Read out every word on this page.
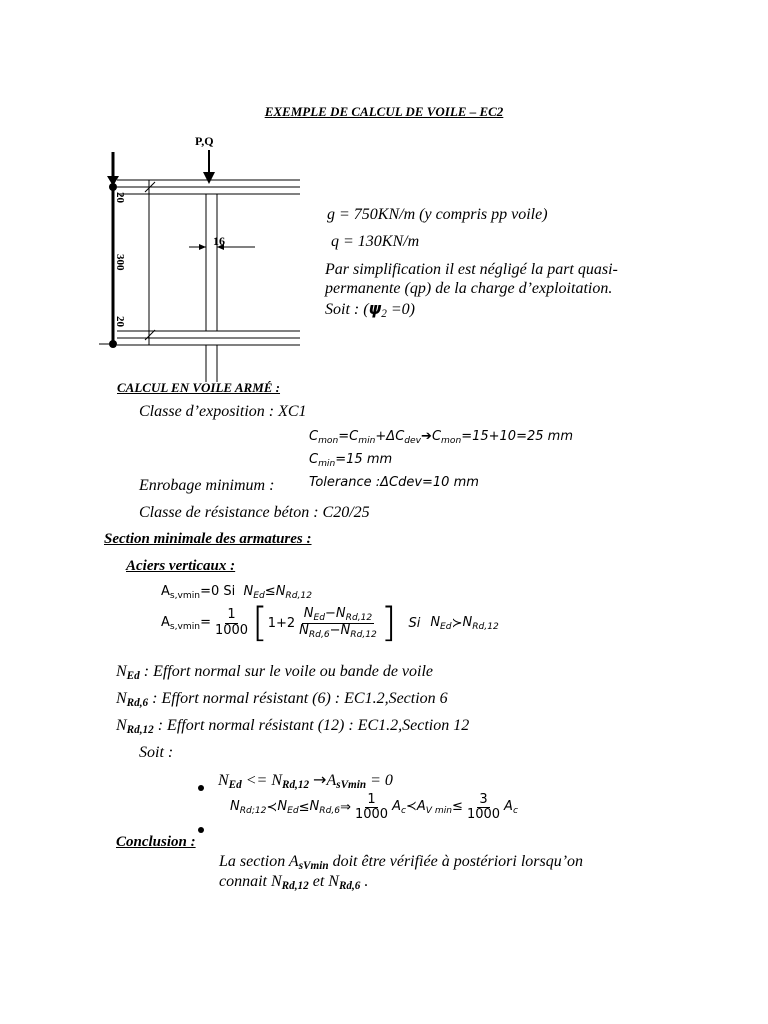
EXEMPLE DE CALCUL DE VOILE – EC2
P,Q
20
300
20
16
g = 750KN/m (y compris pp voile)
q = 130KN/m
Par simplification il est négligé la part quasi-
permanente (qp) de la charge d’exploitation.
Soit : $(\psi_2 =0)$
CALCUL EN VOILE ARMÉ :
Classe d’exposition : XC1
$C_{mon}=C_{min}+\Delta C_{dev}➔C_{mon}=15+10=25$ mm
$C_{min}=15$ mm
Tolerance :ΔCdev=10 mm
Enrobage minimum :
Classe de résistance béton : C20/25
Section minimale des armatures :
Aciers verticaux :
$A_{s,vmin}=0$ Si  $N_{Ed}\le N_{Rd,12}$
$A_{s,vmin}= \frac{1}{1000}$ [ $1+2 \frac{N_{Ed}-N_{Rd,12}}{N_{Rd,6}-N_{Rd,12}}$ ] Si $N_{Ed}$ ≻ $N_{Rd,12}$
$N_{Ed}$ : Effort normal sur le voile ou bande de voile
$N_{Rd,6}$ : Effort normal résistant (6) : EC1.2,Section 6
$N_{Rd,12}$ : Effort normal résistant (12) : EC1.2,Section 12
Soit :
$N_{Ed} <= N_{Rd,12} \to A_{sVmin} = 0$
$N_{Rd;12}$ ≺ $N_{Ed} \le N_{Rd,6}$ ⇒ $\frac{1}{1000}$ $A_c≺A_{V min}\le \frac{3}{1000} A_c$
Conclusion :
La section $A_{sVmin}$ doit être vérifiée à postériori lorsqu’on
connait $N_{Rd,12}$ et $N_{Rd,6}$ .
